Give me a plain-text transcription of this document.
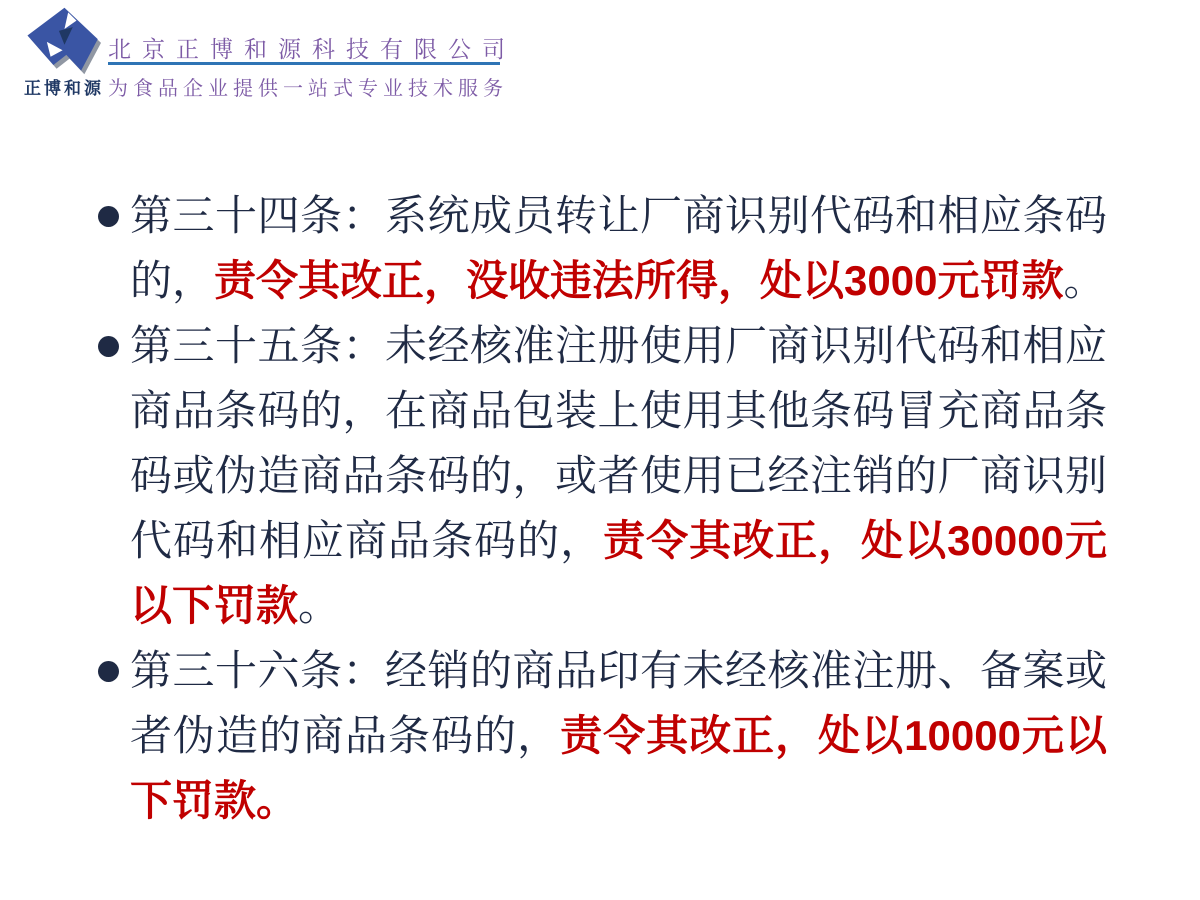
正博和源
北京正博和源科技有限公司
为食品企业提供一站式专业技术服务
第三十四条：系统成员转让厂商识别代码和相应条码的，责令其改正，没收违法所得，处以3000元罚款。
第三十五条：未经核准注册使用厂商识别代码和相应商品条码的，在商品包装上使用其他条码冒充商品条码或伪造商品条码的，或者使用已经注销的厂商识别代码和相应商品条码的，责令其改正，处以30000元以下罚款。
第三十六条：经销的商品印有未经核准注册、备案或者伪造的商品条码的，责令其改正，处以10000元以下罚款。
